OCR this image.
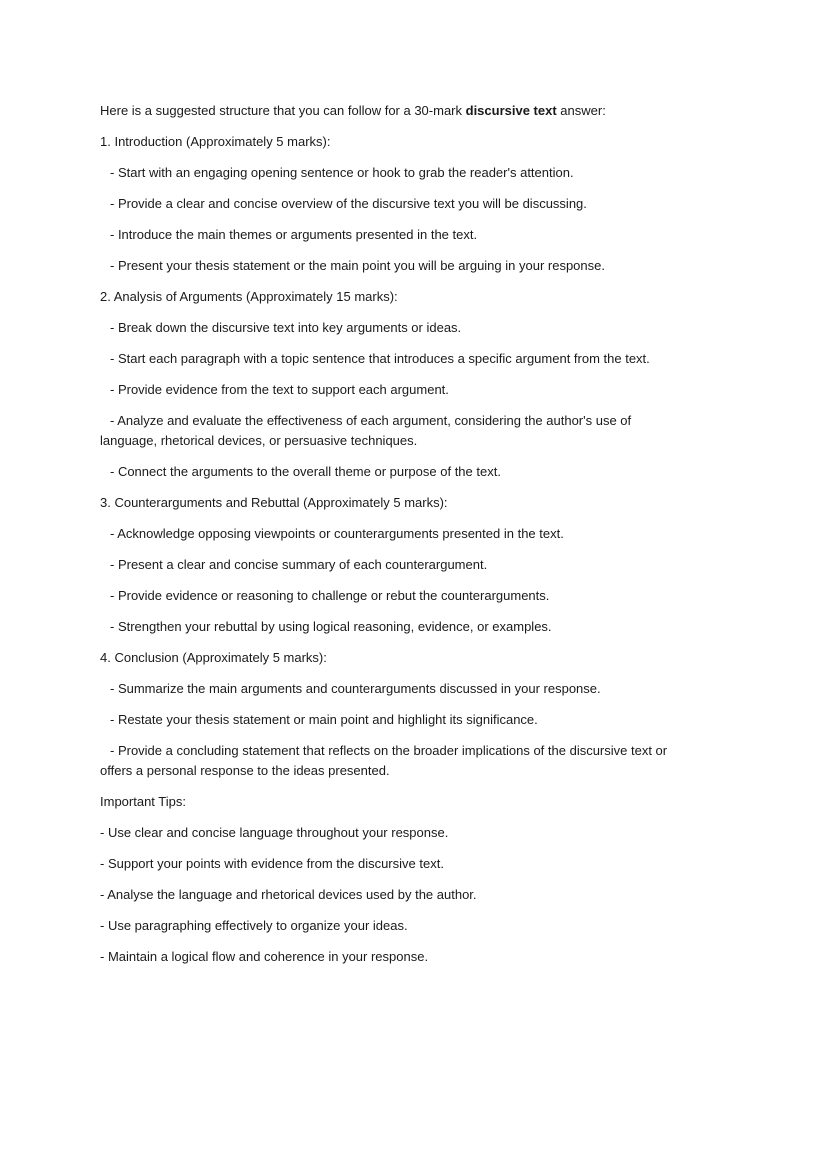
Here is a suggested structure that you can follow for a 30-mark discursive text answer:

1. Introduction (Approximately 5 marks):

- Start with an engaging opening sentence or hook to grab the reader's attention.

- Provide a clear and concise overview of the discursive text you will be discussing.

- Introduce the main themes or arguments presented in the text.

- Present your thesis statement or the main point you will be arguing in your response.

2. Analysis of Arguments (Approximately 15 marks):

- Break down the discursive text into key arguments or ideas.

- Start each paragraph with a topic sentence that introduces a specific argument from the text.

- Provide evidence from the text to support each argument.

- Analyze and evaluate the effectiveness of each argument, considering the author's use of

language, rhetorical devices, or persuasive techniques.

- Connect the arguments to the overall theme or purpose of the text.

3. Counterarguments and Rebuttal (Approximately 5 marks):

- Acknowledge opposing viewpoints or counterarguments presented in the text.

- Present a clear and concise summary of each counterargument.

- Provide evidence or reasoning to challenge or rebut the counterarguments.

- Strengthen your rebuttal by using logical reasoning, evidence, or examples.

4. Conclusion (Approximately 5 marks):

- Summarize the main arguments and counterarguments discussed in your response.

- Restate your thesis statement or main point and highlight its significance.

- Provide a concluding statement that reflects on the broader implications of the discursive text or

offers a personal response to the ideas presented.

Important Tips:

- Use clear and concise language throughout your response.

- Support your points with evidence from the discursive text.

- Analyse the language and rhetorical devices used by the author.

- Use paragraphing effectively to organize your ideas.

- Maintain a logical flow and coherence in your response.
